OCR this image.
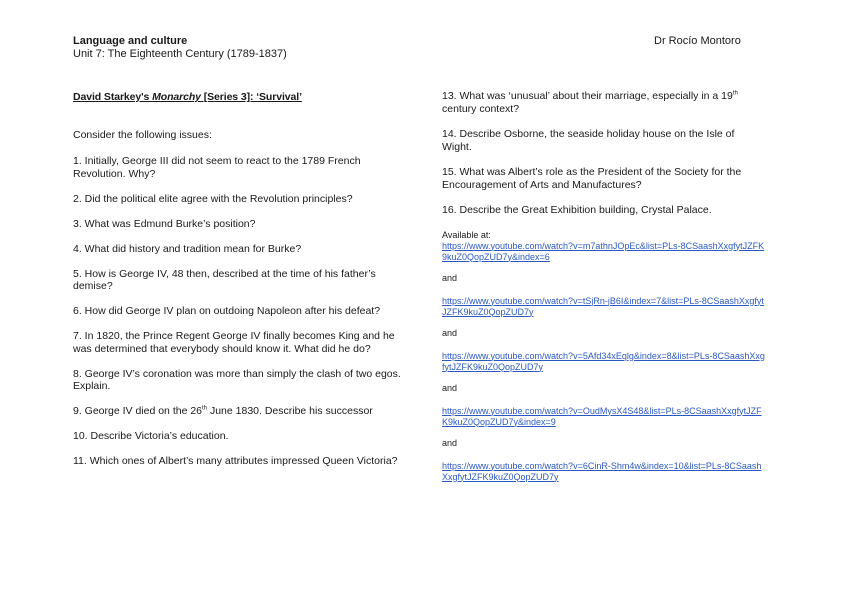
Language and culture
Unit 7: The Eighteenth Century (1789-1837)
Dr Rocío Montoro
David Starkey's Monarchy [Series 3]: ‘Survival’
Consider the following issues:
1. Initially, George III did not seem to react to the 1789 French Revolution. Why?
2. Did the political elite agree with the Revolution principles?
3. What was Edmund Burke’s position?
4. What did history and tradition mean for Burke?
5. How is George IV, 48 then, described at the time of his father’s demise?
6. How did George IV plan on outdoing Napoleon after his defeat?
7. In 1820, the Prince Regent George IV finally becomes King and he was determined that everybody should know it. What did he do?
8. George IV’s coronation was more than simply the clash of two egos. Explain.
9. George IV died on the 26th June 1830. Describe his successor
10. Describe Victoria’s education.
11. Which ones of Albert’s many attributes impressed Queen Victoria?
13. What was ‘unusual’ about their marriage, especially in a 19th century context?
14. Describe Osborne, the seaside holiday house on the Isle of Wight.
15. What was Albert’s role as the President of the Society for the Encouragement of Arts and Manufactures?
16. Describe the Great Exhibition building, Crystal Palace.
Available at:
https://www.youtube.com/watch?v=m7athnJOpEc&list=PLs-8CSaashXxgfytJZFK9kuZ0QopZUD7y&index=6
and
https://www.youtube.com/watch?v=tSjRn-jB6I&index=7&list=PLs-8CSaashXxgfytJZFK9kuZ0QopZUD7y
and
https://www.youtube.com/watch?v=5Afd34xEqlg&index=8&list=PLs-8CSaashXxgfytJZFK9kuZ0QopZUD7y
and
https://www.youtube.com/watch?v=OudMysX4S48&list=PLs-8CSaashXxgfytJZFK9kuZ0QopZUD7y&index=9
and
https://www.youtube.com/watch?v=6CinR-Shm4w&index=10&list=PLs-8CSaashXxgfytJZFK9kuZ0QopZUD7y
